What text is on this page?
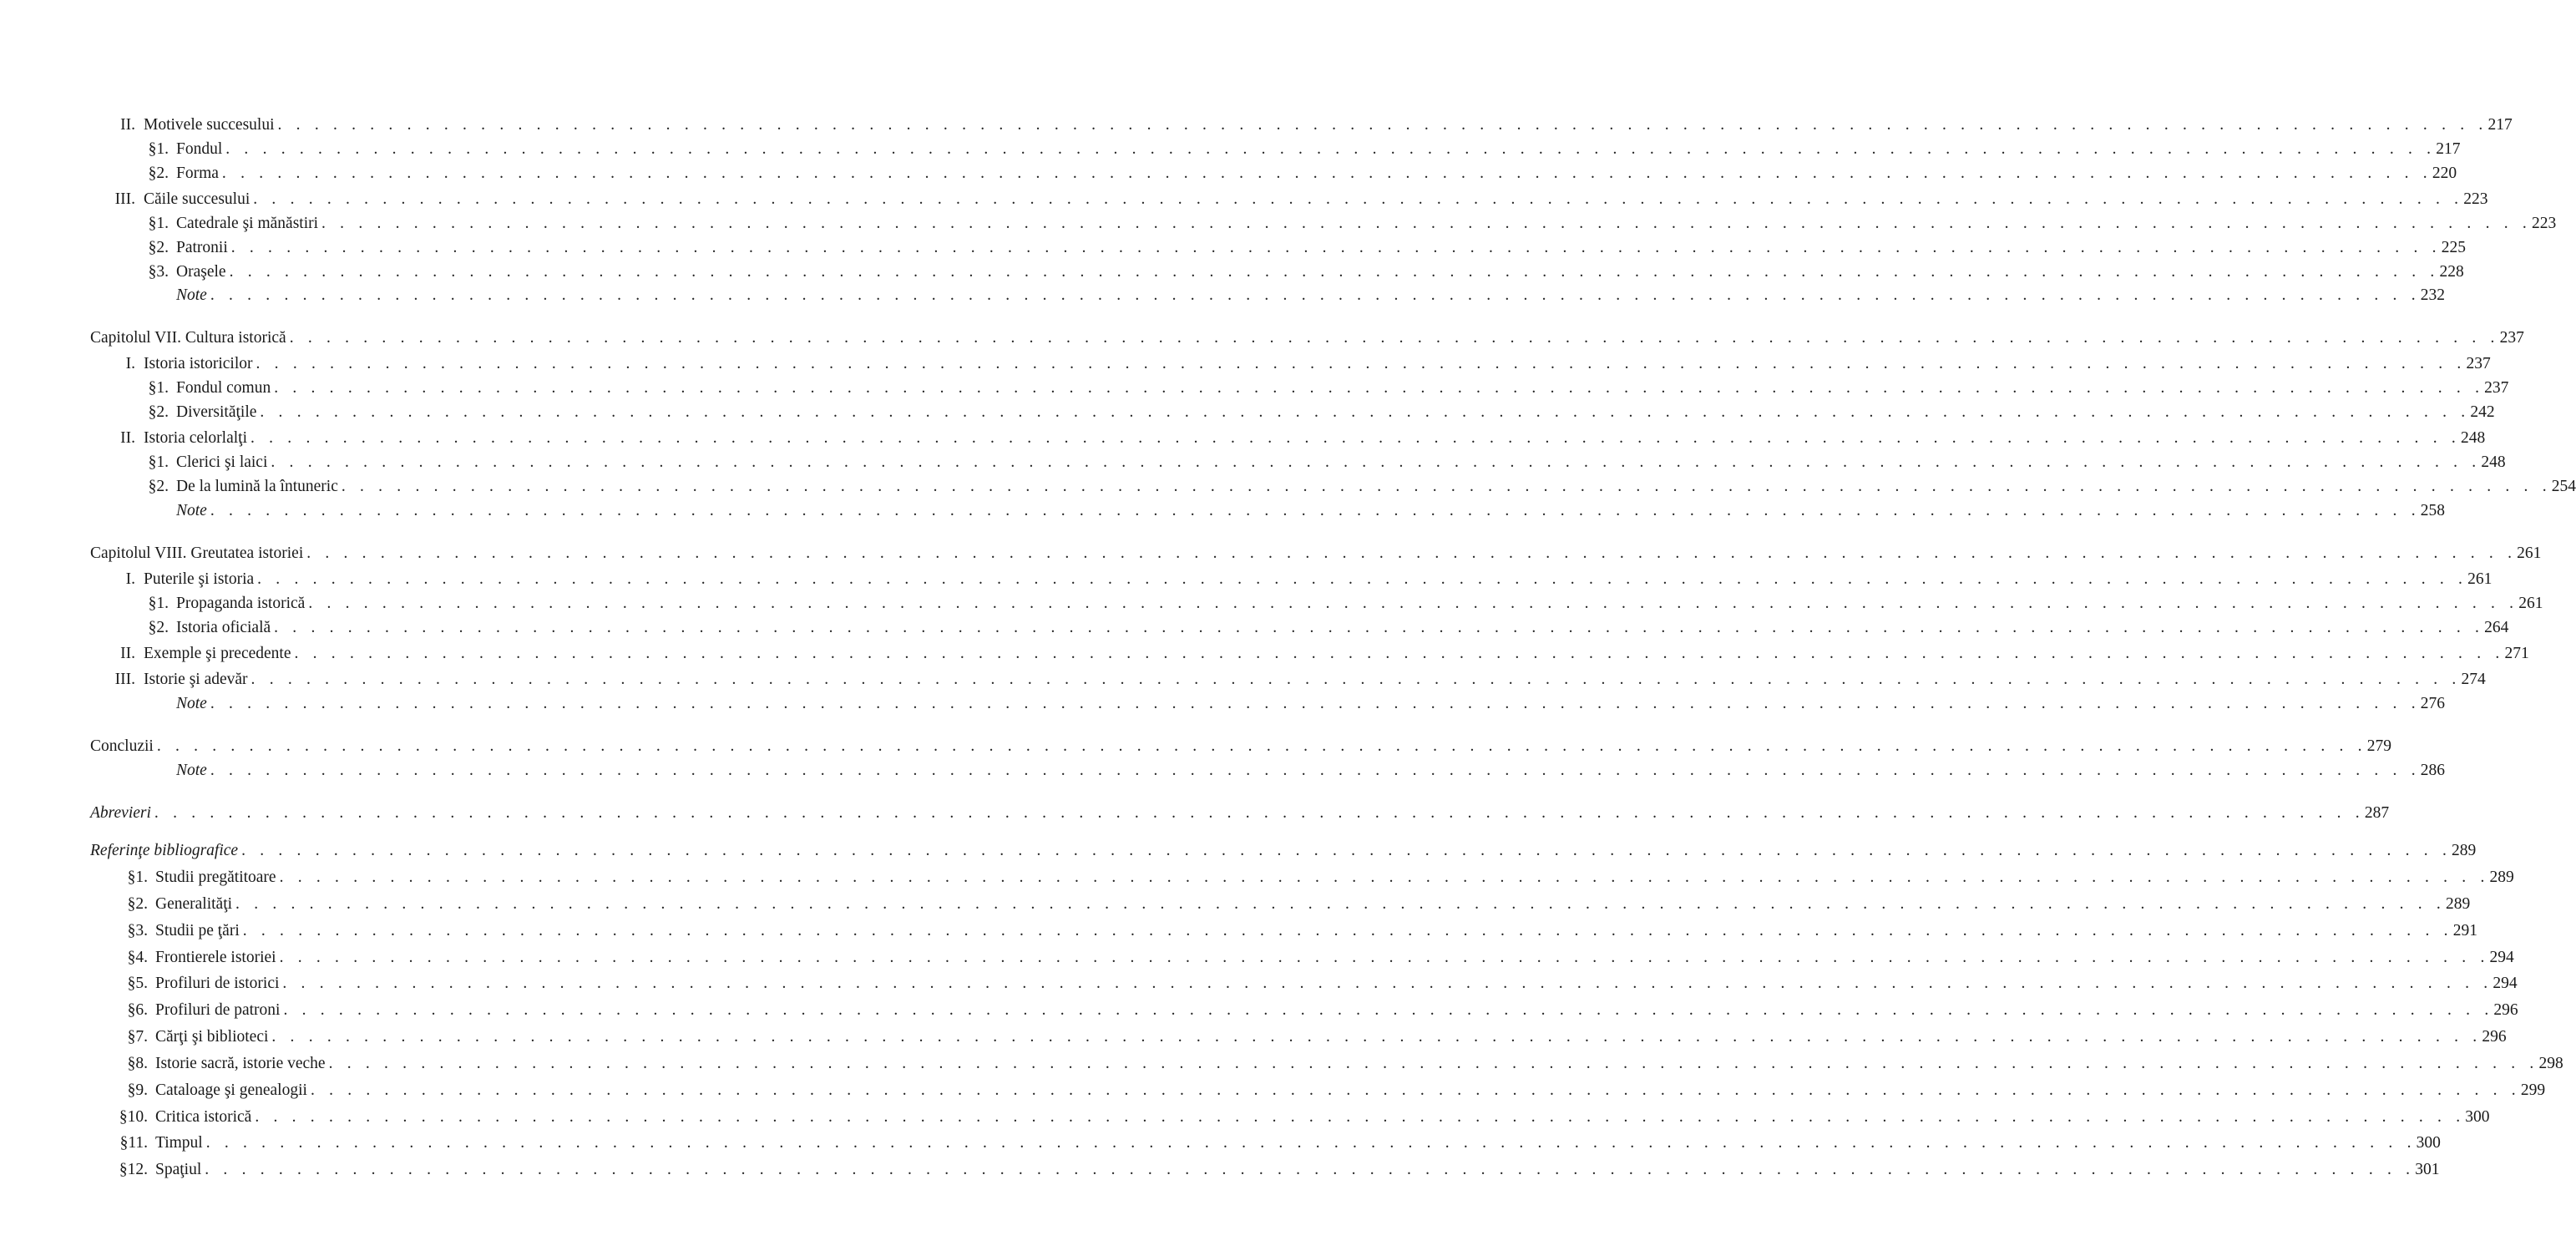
II. Motivele succesului . . . . . . . . . . . . . . . . . . . . . . . . . . . . . . . . . . . . . . . . . . . . . . . . . . . . . . . . . . . . . . . . . . . . . . . . . . . . . . . . . . . . . . . . . . . . . . . . . . . . . . . . . . . . . . . . . . . . . . . . 217
§1. Fondul . . . . . . . . . . . . . . . . . . . . . . . . . . . . . . . . . . . . . . . . . . . . . . . . . . . . . . . . . . . . . . . . . . . . . . . . . . . . . . . . . . . . . . . . . . . . . . . . . . . . . . . . . . . . . . . . . . . . . . . . 217
§2. Forma . . . . . . . . . . . . . . . . . . . . . . . . . . . . . . . . . . . . . . . . . . . . . . . . . . . . . . . . . . . . . . . . . . . . . . . . . . . . . . . . . . . . . . . . . . . . . . . . . . . . . . . . . . . . . . . . . . . . . . . . 220
III. Căile succesului . . . . . . . . . . . . . . . . . . . . . . . . . . . . . . . . . . . . . . . . . . . . . . . . . . . . . . . . . . . . . . . . . . . . . . . . . . . . . . . . . . . . . . . . . . . . . . . . . . . . . . . . . . . . . . . . . . . . . . . . 223
§1. Catedrale şi mănăstiri . . . . . . . . . . . . . . . . . . . . . . . . . . . . . . . . . . . . . . . . . . . . . . . . . . . . . . . . . . . . . . . . . . . . . . . . . . . . . . . . . . . . . . . . . . . . . . . . . . . . . . . . . . . . . . . . . . . . . . . . 223
§2. Patronii . . . . . . . . . . . . . . . . . . . . . . . . . . . . . . . . . . . . . . . . . . . . . . . . . . . . . . . . . . . . . . . . . . . . . . . . . . . . . . . . . . . . . . . . . . . . . . . . . . . . . . . . . . . . . . . . . . . . . . . . 225
§3. Oraşele . . . . . . . . . . . . . . . . . . . . . . . . . . . . . . . . . . . . . . . . . . . . . . . . . . . . . . . . . . . . . . . . . . . . . . . . . . . . . . . . . . . . . . . . . . . . . . . . . . . . . . . . . . . . . . . . . . . . . . . . 228
Note . . . . . . . . . . . . . . . . . . . . . . . . . . . . . . . . . . . . . . . . . . . . . . . . . . . . . . . . . . . . . . . . . . . . . . . . . . . . . . . . . . . . . . . . . . . . . . . . . . . . . . . . . . . . . . . . . . . . . . . . 232
Capitolul VII. Cultura istorică . . . . . . . . . . . . . . . . . . . . . . . . . . . . . . . . . . . . . . . . . . . . . . . . . . . . . . . . . . . . . . . . . . . . . . . . . . . . . . . . . . . . . . . . . . . . . . . . . . . . . . . . . . . . . . . . . . . . . . . . 237
I. Istoria istoricilor . . . . . . . . . . . . . . . . . . . . . . . . . . . . . . . . . . . . . . . . . . . . . . . . . . . . . . . . . . . . . . . . . . . . . . . . . . . . . . . . . . . . . . . . . . . . . . . . . . . . . . . . . . . . . . . . . . . . . . . . 237
§1. Fondul comun . . . . . . . . . . . . . . . . . . . . . . . . . . . . . . . . . . . . . . . . . . . . . . . . . . . . . . . . . . . . . . . . . . . . . . . . . . . . . . . . . . . . . . . . . . . . . . . . . . . . . . . . . . . . . . . . . . . . . . . . 237
§2. Diversităţile . . . . . . . . . . . . . . . . . . . . . . . . . . . . . . . . . . . . . . . . . . . . . . . . . . . . . . . . . . . . . . . . . . . . . . . . . . . . . . . . . . . . . . . . . . . . . . . . . . . . . . . . . . . . . . . . . . . . . . . . 242
II. Istoria celorlalţi . . . . . . . . . . . . . . . . . . . . . . . . . . . . . . . . . . . . . . . . . . . . . . . . . . . . . . . . . . . . . . . . . . . . . . . . . . . . . . . . . . . . . . . . . . . . . . . . . . . . . . . . . . . . . . . . . . . . . . . . 248
§1. Clerici şi laici . . . . . . . . . . . . . . . . . . . . . . . . . . . . . . . . . . . . . . . . . . . . . . . . . . . . . . . . . . . . . . . . . . . . . . . . . . . . . . . . . . . . . . . . . . . . . . . . . . . . . . . . . . . . . . . . . . . . . . . . 248
§2. De la lumină la întuneric . . . . . . . . . . . . . . . . . . . . . . . . . . . . . . . . . . . . . . . . . . . . . . . . . . . . . . . . . . . . . . . . . . . . . . . . . . . . . . . . . . . . . . . . . . . . . . . . . . . . . . . . . . . . . . . . . . . . . . . . 254
Note . . . . . . . . . . . . . . . . . . . . . . . . . . . . . . . . . . . . . . . . . . . . . . . . . . . . . . . . . . . . . . . . . . . . . . . . . . . . . . . . . . . . . . . . . . . . . . . . . . . . . . . . . . . . . . . . . . . . . . . . 258
Capitolul VIII. Greutatea istoriei . . . . . . . . . . . . . . . . . . . . . . . . . . . . . . . . . . . . . . . . . . . . . . . . . . . . . . . . . . . . . . . . . . . . . . . . . . . . . . . . . . . . . . . . . . . . . . . . . . . . . . . . . . . . . . . . . . . . . . . . 261
I. Puterile şi istoria . . . . . . . . . . . . . . . . . . . . . . . . . . . . . . . . . . . . . . . . . . . . . . . . . . . . . . . . . . . . . . . . . . . . . . . . . . . . . . . . . . . . . . . . . . . . . . . . . . . . . . . . . . . . . . . . . . . . . . . . 261
§1. Propaganda istorică . . . . . . . . . . . . . . . . . . . . . . . . . . . . . . . . . . . . . . . . . . . . . . . . . . . . . . . . . . . . . . . . . . . . . . . . . . . . . . . . . . . . . . . . . . . . . . . . . . . . . . . . . . . . . . . . . . . . . . . . 261
§2. Istoria oficială . . . . . . . . . . . . . . . . . . . . . . . . . . . . . . . . . . . . . . . . . . . . . . . . . . . . . . . . . . . . . . . . . . . . . . . . . . . . . . . . . . . . . . . . . . . . . . . . . . . . . . . . . . . . . . . . . . . . . . . . 264
II. Exemple şi precedente . . . . . . . . . . . . . . . . . . . . . . . . . . . . . . . . . . . . . . . . . . . . . . . . . . . . . . . . . . . . . . . . . . . . . . . . . . . . . . . . . . . . . . . . . . . . . . . . . . . . . . . . . . . . . . . . . . . . . . . . 271
III. Istorie şi adevăr . . . . . . . . . . . . . . . . . . . . . . . . . . . . . . . . . . . . . . . . . . . . . . . . . . . . . . . . . . . . . . . . . . . . . . . . . . . . . . . . . . . . . . . . . . . . . . . . . . . . . . . . . . . . . . . . . . . . . . . . 274
Note . . . . . . . . . . . . . . . . . . . . . . . . . . . . . . . . . . . . . . . . . . . . . . . . . . . . . . . . . . . . . . . . . . . . . . . . . . . . . . . . . . . . . . . . . . . . . . . . . . . . . . . . . . . . . . . . . . . . . . . . 276
Concluzii . . . . . . . . . . . . . . . . . . . . . . . . . . . . . . . . . . . . . . . . . . . . . . . . . . . . . . . . . . . . . . . . . . . . . . . . . . . . . . . . . . . . . . . . . . . . . . . . . . . . . . . . . . . . . . . . . . . . . . . . 279
Note . . . . . . . . . . . . . . . . . . . . . . . . . . . . . . . . . . . . . . . . . . . . . . . . . . . . . . . . . . . . . . . . . . . . . . . . . . . . . . . . . . . . . . . . . . . . . . . . . . . . . . . . . . . . . . . . . . . . . . . . 286
Abrevieri . . . . . . . . . . . . . . . . . . . . . . . . . . . . . . . . . . . . . . . . . . . . . . . . . . . . . . . . . . . . . . . . . . . . . . . . . . . . . . . . . . . . . . . . . . . . . . . . . . . . . . . . . . . . . . . . . . . . . . . . 287
Referinţe bibliografice . . . . . . . . . . . . . . . . . . . . . . . . . . . . . . . . . . . . . . . . . . . . . . . . . . . . . . . . . . . . . . . . . . . . . . . . . . . . . . . . . . . . . . . . . . . . . . . . . . . . . . . . . . . . . . . . . . . . . . . . 289
§1. Studii pregătitoare . . . . . . . . . . . . . . . . . . . . . . . . . . . . . . . . . . . . . . . . . . . . . . . . . . . . . . . . . . . . . . . . . . . . . . . . . . . . . . . . . . . . . . . . . . . . . . . . . . . . . . . . . . . . . . . . . . . . . . . . 289
§2. Generalităţi . . . . . . . . . . . . . . . . . . . . . . . . . . . . . . . . . . . . . . . . . . . . . . . . . . . . . . . . . . . . . . . . . . . . . . . . . . . . . . . . . . . . . . . . . . . . . . . . . . . . . . . . . . . . . . . . . . . . . . . . 289
§3. Studii pe ţări . . . . . . . . . . . . . . . . . . . . . . . . . . . . . . . . . . . . . . . . . . . . . . . . . . . . . . . . . . . . . . . . . . . . . . . . . . . . . . . . . . . . . . . . . . . . . . . . . . . . . . . . . . . . . . . . . . . . . . . . 291
§4. Frontierele istoriei . . . . . . . . . . . . . . . . . . . . . . . . . . . . . . . . . . . . . . . . . . . . . . . . . . . . . . . . . . . . . . . . . . . . . . . . . . . . . . . . . . . . . . . . . . . . . . . . . . . . . . . . . . . . . . . . . . . . . . . . 294
§5. Profiluri de istorici . . . . . . . . . . . . . . . . . . . . . . . . . . . . . . . . . . . . . . . . . . . . . . . . . . . . . . . . . . . . . . . . . . . . . . . . . . . . . . . . . . . . . . . . . . . . . . . . . . . . . . . . . . . . . . . . . . . . . . . . 294
§6. Profiluri de patroni . . . . . . . . . . . . . . . . . . . . . . . . . . . . . . . . . . . . . . . . . . . . . . . . . . . . . . . . . . . . . . . . . . . . . . . . . . . . . . . . . . . . . . . . . . . . . . . . . . . . . . . . . . . . . . . . . . . . . . . . 296
§7. Cărţi şi biblioteci . . . . . . . . . . . . . . . . . . . . . . . . . . . . . . . . . . . . . . . . . . . . . . . . . . . . . . . . . . . . . . . . . . . . . . . . . . . . . . . . . . . . . . . . . . . . . . . . . . . . . . . . . . . . . . . . . . . . . . . . 296
§8. Istorie sacră, istorie veche . . . . . . . . . . . . . . . . . . . . . . . . . . . . . . . . . . . . . . . . . . . . . . . . . . . . . . . . . . . . . . . . . . . . . . . . . . . . . . . . . . . . . . . . . . . . . . . . . . . . . . . . . . . . . . . . . . . . . . . . 298
§9. Cataloage şi genealogii . . . . . . . . . . . . . . . . . . . . . . . . . . . . . . . . . . . . . . . . . . . . . . . . . . . . . . . . . . . . . . . . . . . . . . . . . . . . . . . . . . . . . . . . . . . . . . . . . . . . . . . . . . . . . . . . . . . . . . . . 299
§10. Critica istorică . . . . . . . . . . . . . . . . . . . . . . . . . . . . . . . . . . . . . . . . . . . . . . . . . . . . . . . . . . . . . . . . . . . . . . . . . . . . . . . . . . . . . . . . . . . . . . . . . . . . . . . . . . . . . . . . . . . . . . . . 300
§11. Timpul . . . . . . . . . . . . . . . . . . . . . . . . . . . . . . . . . . . . . . . . . . . . . . . . . . . . . . . . . . . . . . . . . . . . . . . . . . . . . . . . . . . . . . . . . . . . . . . . . . . . . . . . . . . . . . . . . . . . . . . . 300
§12. Spaţiul . . . . . . . . . . . . . . . . . . . . . . . . . . . . . . . . . . . . . . . . . . . . . . . . . . . . . . . . . . . . . . . . . . . . . . . . . . . . . . . . . . . . . . . . . . . . . . . . . . . . . . . . . . . . . . . . . . . . . . . . 301
